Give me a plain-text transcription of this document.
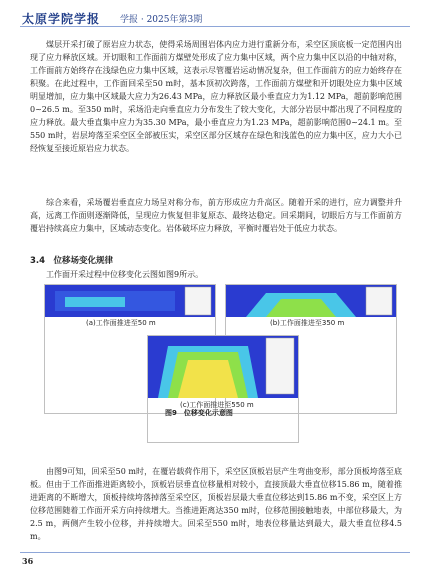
太原学院学报 学报 · 2025年第3期

煤层开采打破了原岩应力状态，使得采场周围岩体内应力进行重新分布，采空区顶底板一定范围内出现了应力释放区域。开切眼和工作面前方煤壁处形成了应力集中区域，两个应力集中区以沿的中轴对称，工作面前方始终存在浅绿色应力集中区域，这表示尽管覆岩运动情况复杂，但工作面前方的应力始终存在积聚。在此过程中，工作面回采至50 m时，基本顶初次跨落，工作面前方煤壁和开切眼处应力集中区域明显增加，应力集中区域最大应力为26.43 MPa，应力释放区最小垂直应力为1.12 MPa，超前影响范围0~26.5 m。至350 m时，采场沿走向垂直应力分布发生了较大变化，大部分岩层中都出现了不同程度的应力释放。最大垂直集中应力为35.30 MPa，最小垂直应力为1.23 MPa，超前影响范围0~24.1 m。至550 m时，岩层垮落至采空区全部被压实，采空区部分区域存在绿色和浅蓝色的应力集中区，应力大小已经恢复至接近原岩应力状态。

综合来看，采场覆岩垂直应力场呈对称分布，前方形成应力升高区。随着开采的进行，应力调整并升高，远离工作面则逐渐降低，呈现应力恢复但非复原态、最终达稳定。回采期间，切眼后方与工作面前方覆岩持续高应力集中，区域动态变化。岩体破坏应力释放，平衡时覆岩处于低应力状态。

3.4　位移场变化规律

工作面开采过程中位移变化云图如图9所示。

(a)工作面推进至50 m	(b)工作面推进至350 m
(c)工作面推进至550 m
图9　位移变化示意图

由图9可知，回采至50 m时，在覆岩载荷作用下，采空区顶板岩层产生弯曲变形，部分顶板垮落至底板。但由于工作面推进距离较小，顶板岩层垂直位移量相对较小，直接顶最大垂直位移15.86 m，随着推进距离的不断增大，顶板持续垮落掉落至采空区，顶板岩层最大垂直位移达到15.86 m不变，采空区上方位移范围随着工作面开采方向持续增大。当推进距离达350 m时，位移范围接触地表，中部位移最大，为2.5 m，两侧产生较小位移，并持续增大。回采至550 m时，地表位移量达到最大，最大垂直位移4.5 m。

36
